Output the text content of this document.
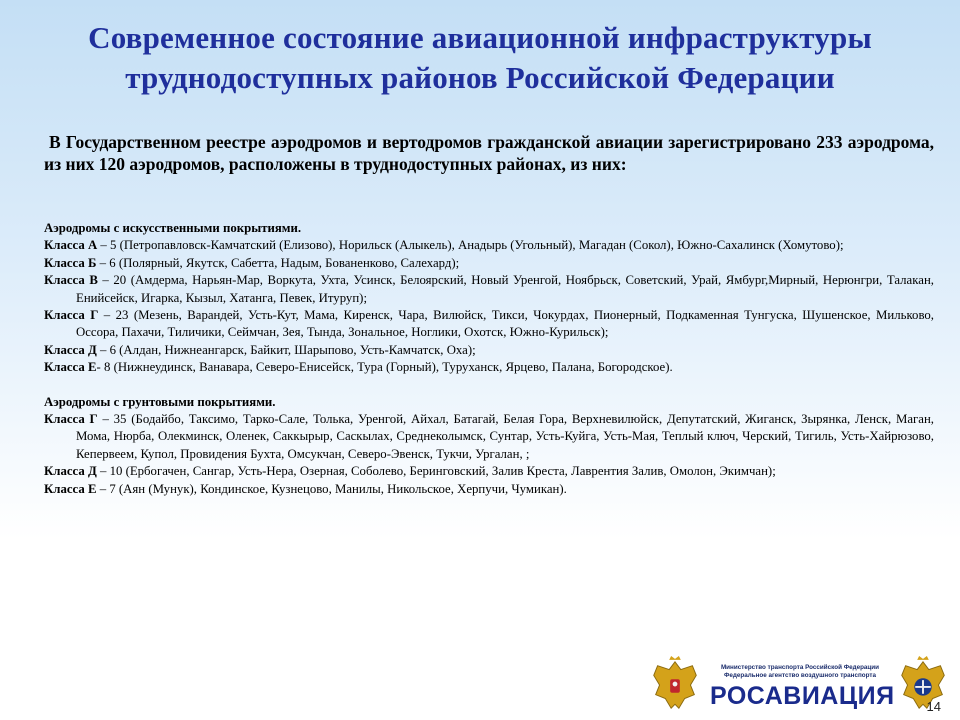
Современное состояние авиационной инфраструктуры
труднодоступных районов Российской Федерации
В Государственном реестре аэродромов и вертодромов гражданской авиации зарегистрировано 233 аэродрома, из них 120 аэродромов, расположены в труднодоступных районах, из них:
Аэродромы с искусственными покрытиями.
Класса А – 5 (Петропавловск-Камчатский (Елизово), Норильск (Алыкель), Анадырь (Угольный), Магадан (Сокол), Южно-Сахалинск (Хомутово);
Класса Б – 6 (Полярный, Якутск, Сабетта, Надым, Бованенково, Салехард);
Класса В – 20 (Амдерма, Нарьян-Мар, Воркута, Ухта, Усинск, Белоярский, Новый Уренгой, Ноябрьск, Советский, Урай, Ямбург,Мирный, Нерюнгри, Талакан, Енийсейск, Игарка, Кызыл, Хатанга, Певек, Итуруп);
Класса Г – 23 (Мезень, Варандей, Усть-Кут, Мама, Киренск, Чара, Вилюйск, Тикси, Чокурдах, Пионерный, Подкаменная Тунгуска, Шушенское, Мильково, Оссора, Пахачи, Тиличики, Сеймчан, Зея, Тында, Зональное, Ноглики, Охотск, Южно-Курильск);
Класса Д – 6 (Алдан, Нижнеангарск, Байкит, Шарыпово, Усть-Камчатск, Оха);
Класса Е- 8 (Нижнеудинск, Ванавара, Северо-Енисейск, Тура (Горный), Туруханск, Ярцево, Палана, Богородское).
Аэродромы с грунтовыми покрытиями.
Класса Г – 35 (Бодайбо, Таксимо, Тарко-Сале, Толька, Уренгой, Айхал, Батагай, Белая Гора, Верхневилюйск, Депутатский, Жиганск, Зырянка, Ленск, Маган, Мома, Нюрба, Олекминск, Оленек, Саккырыр, Саскылах, Среднеколымск, Сунтар, Усть-Куйга, Усть-Мая, Теплый ключ, Черский, Тигиль, Усть-Хайрюзово, Кепервеем, Купол, Провидения Бухта, Омсукчан, Северо-Эвенск, Тукчи, Ургалан, ;
Класса Д – 10 (Ербогачен, Сангар, Усть-Нера, Озерная, Соболево, Беринговский, Залив Креста, Лаврентия Залив, Омолон, Экимчан);
Класса Е – 7 (Аян (Мунук), Кондинское, Кузнецово, Манилы, Никольское, Херпучи, Чумикан).
Министерство транспорта Российской Федерации
Федеральное агентство воздушного транспорта
РОСАВИАЦИЯ 14
